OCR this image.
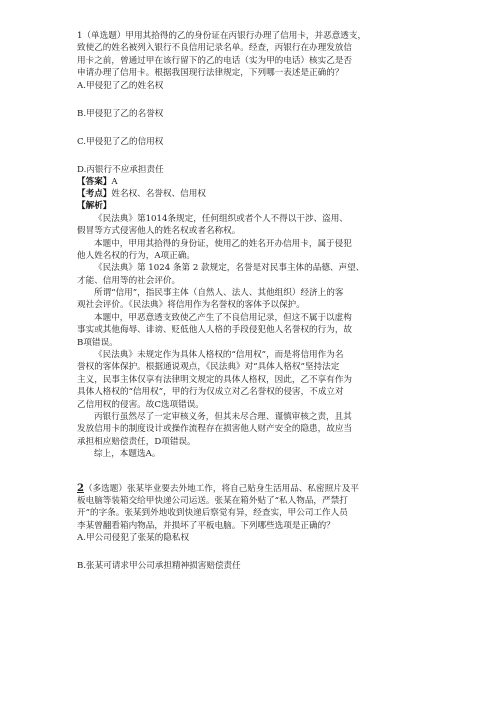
1（单选题）甲用其拾得的乙的身份证在丙银行办理了信用卡，并恶意透支，
致使乙的姓名被列入银行不良信用记录名单。经查，丙银行在办理发放信
用卡之前，曾通过甲在该行留下的乙的电话（实为甲的电话）核实乙是否
申请办理了信用卡。根据我国现行法律规定，下列哪一表述是正确的？
A.甲侵犯了乙的姓名权
B.甲侵犯了乙的名誉权
C.甲侵犯了乙的信用权
D.丙银行不应承担责任
【答案】A
【考点】姓名权、名誉权、信用权
【解析】
《民法典》第1014条规定，任何组织或者个人不得以干涉、盗用、
假冒等方式侵害他人的姓名权或者名称权。
本题中，甲用其拾得的身份证，使用乙的姓名开办信用卡，属于侵犯
他人姓名权的行为，A项正确。
《民法典》第 1024 条第 2 款规定，名誉是对民事主体的品德、声望、
才能、信用等的社会评价。
所谓“信用”，指民事主体（自然人、法人、其他组织）经济上的客
观社会评价。《民法典》将信用作为名誉权的客体予以保护。
本题中，甲恶意透支致使乙产生了不良信用记录，但这不属于以虚构
事实或其他侮辱、诽谤、贬低他人人格的手段侵犯他人名誉权的行为，故
B项错误。
《民法典》未规定作为具体人格权的“信用权”，而是将信用作为名
誉权的客体保护。根据通说观点，《民法典》对“具体人格权”坚持法定
主义，民事主体仅享有法律明文规定的具体人格权，因此，乙不享有作为
具体人格权的“信用权”，甲的行为仅成立对乙名誉权的侵害，不成立对
乙信用权的侵害。故C选项错误。
丙银行虽然尽了一定审核义务，但其未尽合理、谨慎审核之责，且其
发放信用卡的制度设计或操作流程存在损害他人财产安全的隐患，故应当
承担相应赔偿责任，D项错误。
综上，本题选A。
2（多选题）张某毕业要去外地工作，将自己贴身生活用品、私密照片及平
板电脑等装箱交给甲快递公司运送。张某在箱外贴了“私人物品，严禁打
开”的字条。张某到外地收到快递后察觉有异，经查实，甲公司工作人员
李某曾翻看箱内物品，并损坏了平板电脑。下列哪些选项是正确的？
A.甲公司侵犯了张某的隐私权
B.张某可请求甲公司承担精神损害赔偿责任
